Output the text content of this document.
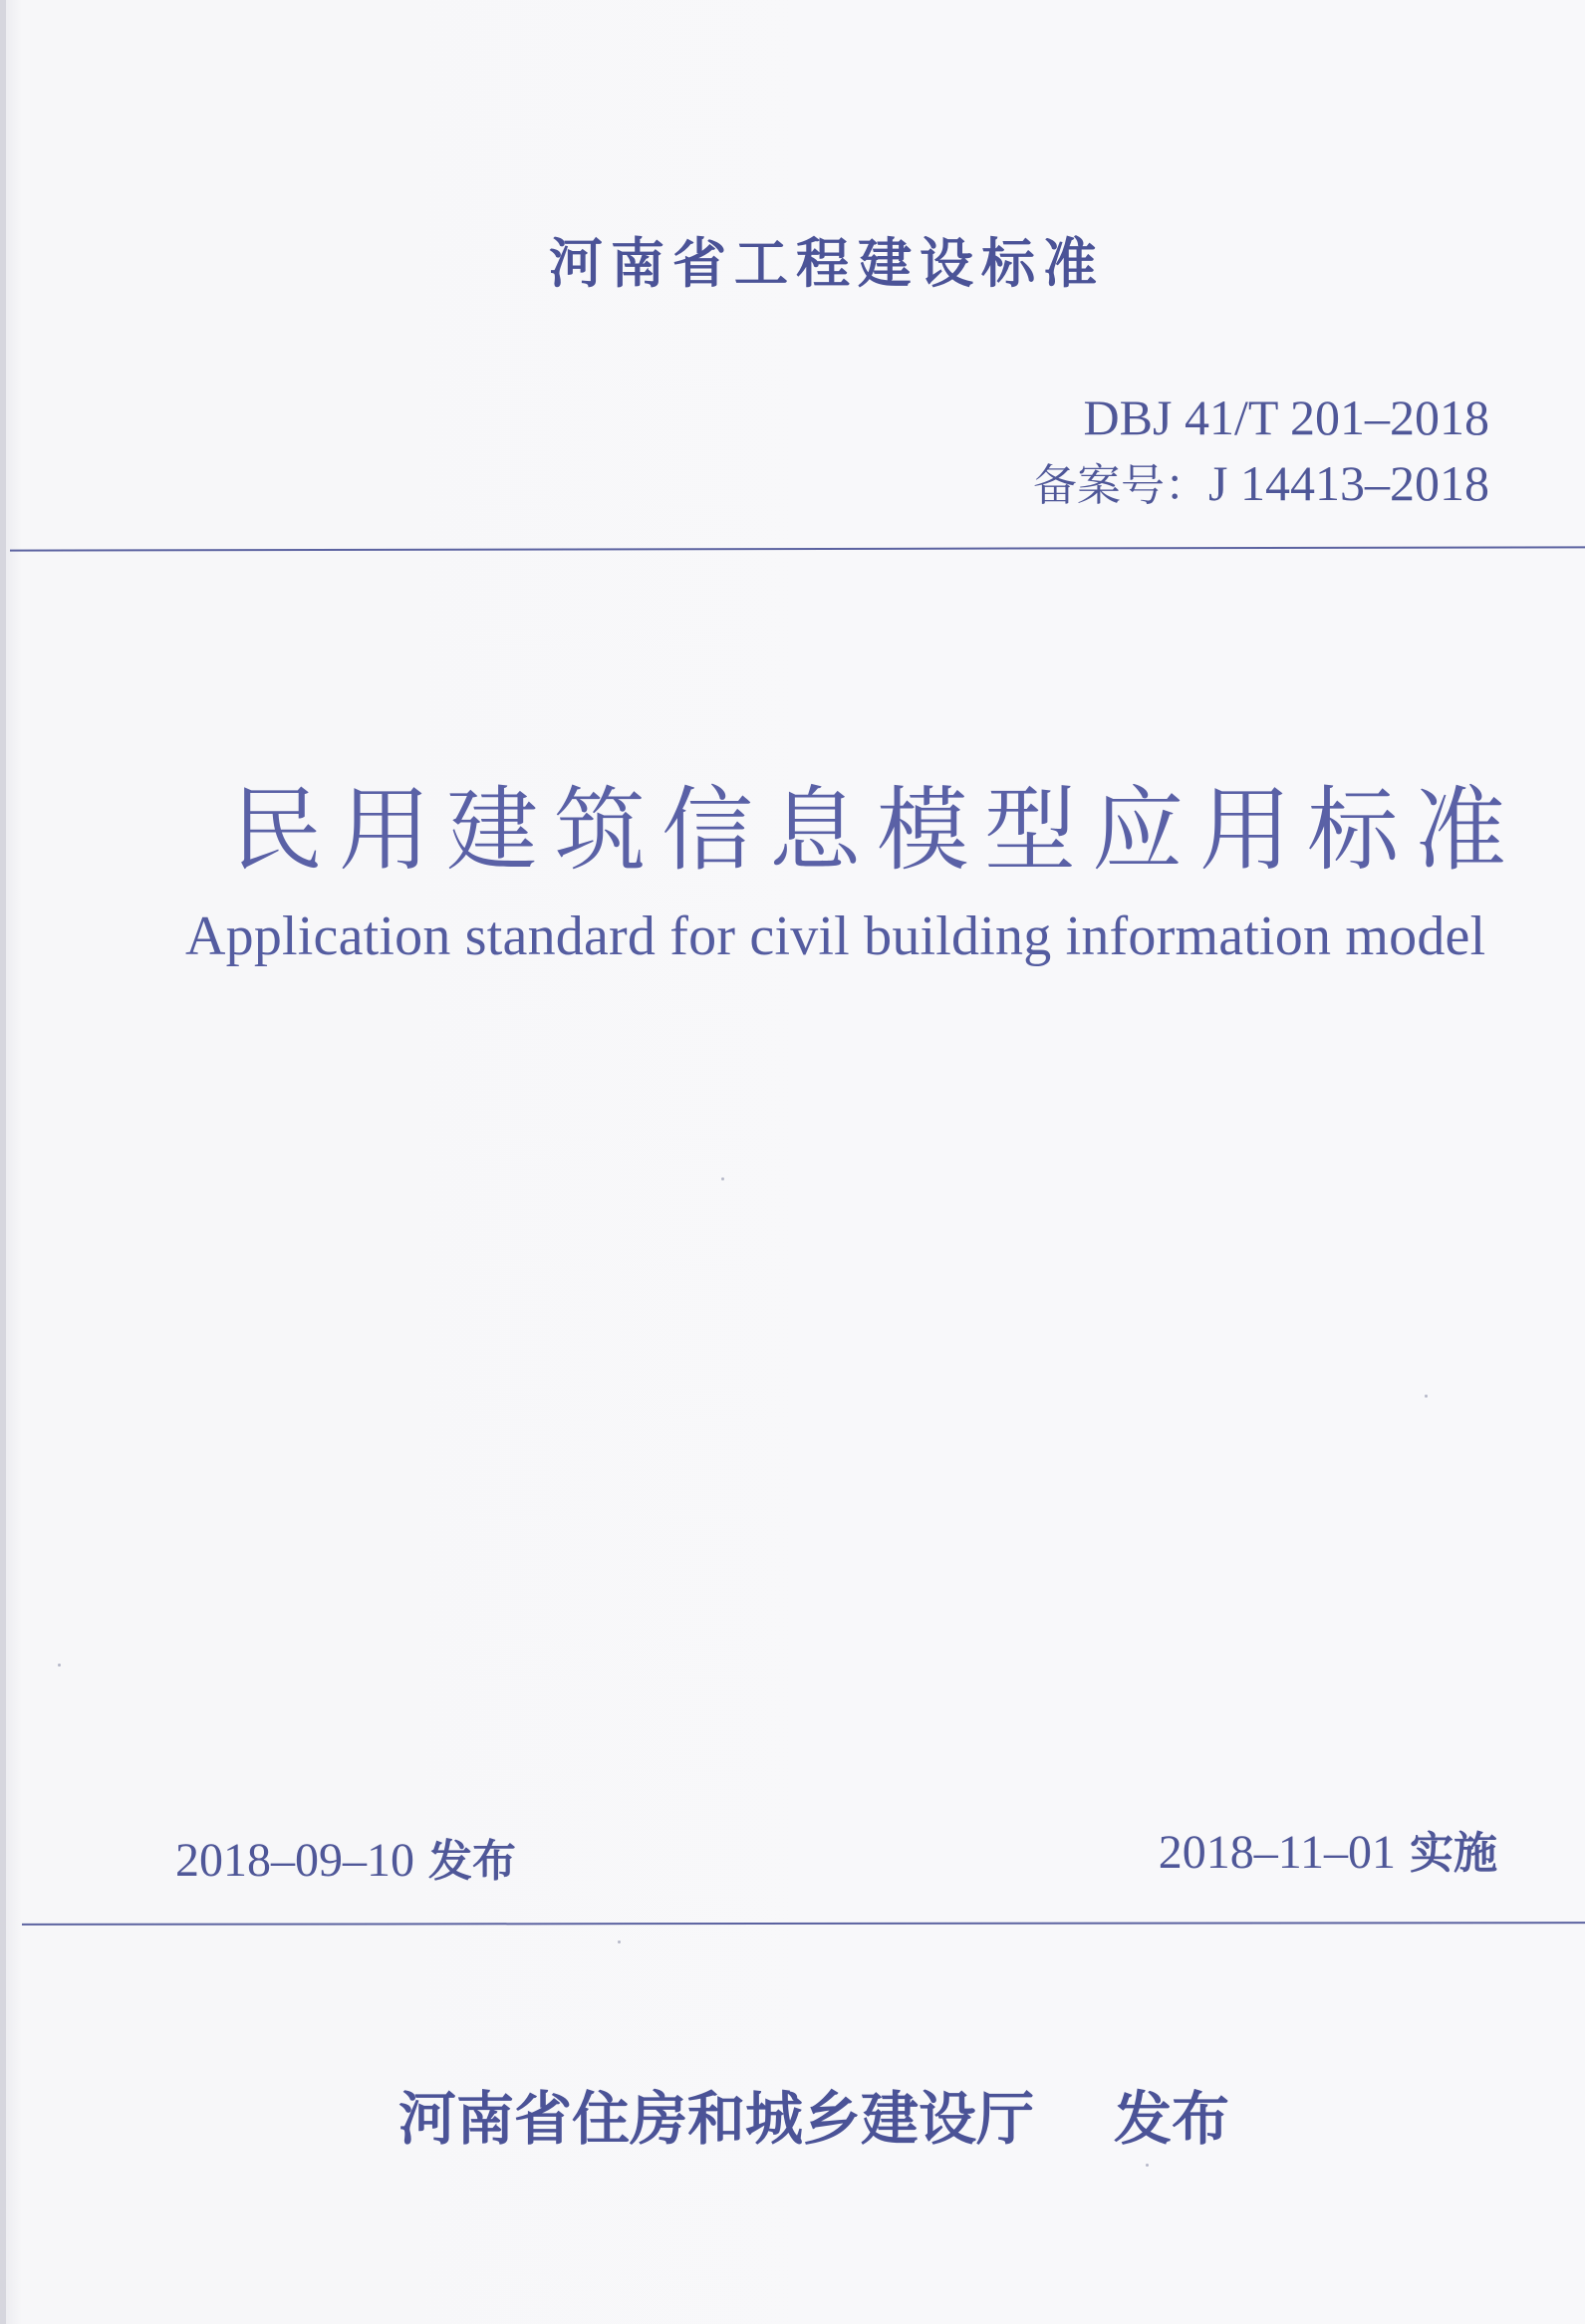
河南省工程建设标准
DBJ 41/T 201–2018
备案号：J 14413–2018
民用建筑信息模型应用标准
Application standard for civil building information model
2018–09–10 发布	2018–11–01 实施
河南省住房和城乡建设厅 发布
